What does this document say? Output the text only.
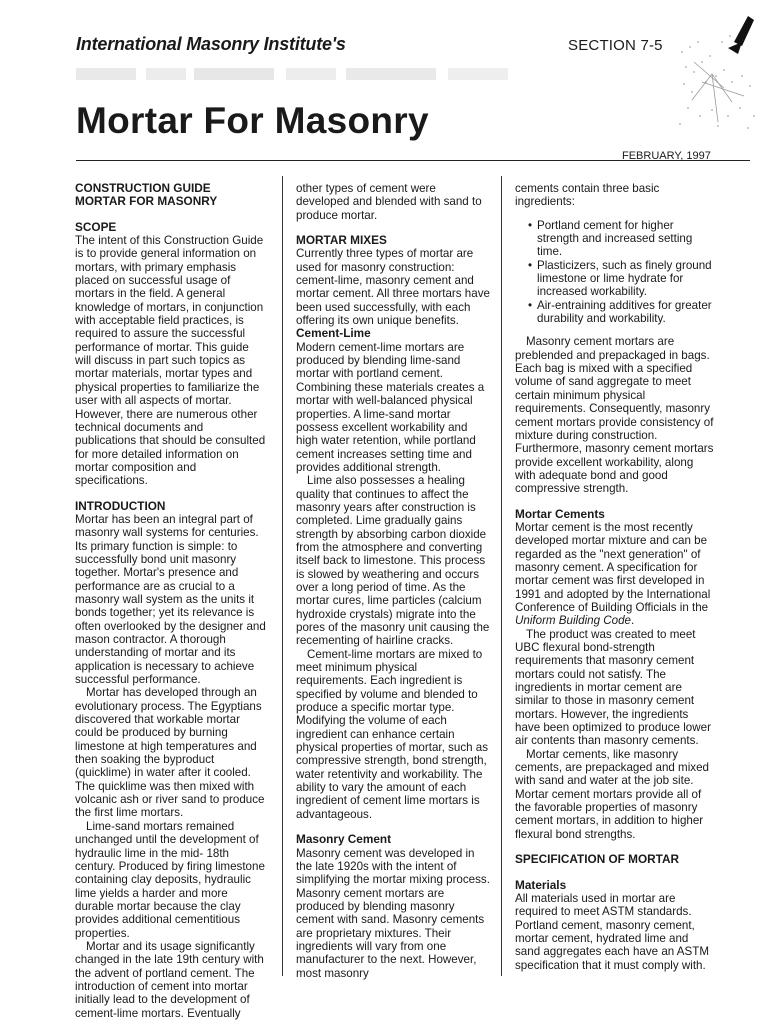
International Masonry Institute's	SECTION 7-5
Mortar For Masonry
FEBRUARY, 1997

CONSTRUCTION GUIDE

MORTAR FOR MASONRY

SCOPE

The intent of this Construction Guide is to provide general information on mortars, with primary emphasis placed on successful usage of mortars in the field. A general knowledge of mortars, in conjunction with acceptable field practices, is required to assure the successful performance of mortar. This guide will discuss in part such topics as mortar materials, mortar types and physical properties to familiarize the user with all aspects of mortar. However, there are numerous other technical documents and publications that should be consulted for more detailed information on mortar composition and specifications.

INTRODUCTION

Mortar has been an integral part of masonry wall systems for centuries. Its primary function is simple: to successfully bond unit masonry together. Mortar's presence and performance are as crucial to a masonry wall system as the units it bonds together; yet its relevance is often overlooked by the designer and mason contractor. A thorough understanding of mortar and its application is necessary to achieve successful performance.

Mortar has developed through an evolutionary process. The Egyptians discovered that workable mortar could be produced by burning limestone at high temperatures and then soaking the byproduct (quicklime) in water after it cooled. The quicklime was then mixed with volcanic ash or river sand to produce the first lime mortars.

Lime-sand mortars remained unchanged until the development of hydraulic lime in the mid- 18th century. Produced by firing limestone containing clay deposits, hydraulic lime yields a harder and more durable mortar because the clay provides additional cementitious properties.

Mortar and its usage significantly changed in the late 19th century with the advent of portland cement. The introduction of cement into mortar initially lead to the development of cement-lime mortars. Eventually

other types of cement were developed and blended with sand to produce mortar.

MORTAR MIXES

Currently three types of mortar are used for masonry construction: cement-lime, masonry cement and mortar cement. All three mortars have been used successfully, with each offering its own unique benefits.

Cement-Lime

Modern cement-lime mortars are produced by blending lime-sand mortar with portland cement. Combining these materials creates a mortar with well-balanced physical properties. A lime-sand mortar possess excellent workability and high water retention, while portland cement increases setting time and provides additional strength.

Lime also possesses a healing quality that continues to affect the masonry years after construction is completed. Lime gradually gains strength by absorbing carbon dioxide from the atmosphere and converting itself back to limestone. This process is slowed by weathering and occurs over a long period of time. As the mortar cures, lime particles (calcium hydroxide crystals) migrate into the pores of the masonry unit causing the recementing of hairline cracks.

Cement-lime mortars are mixed to meet minimum physical requirements. Each ingredient is specified by volume and blended to produce a specific mortar type. Modifying the volume of each ingredient can enhance certain physical properties of mortar, such as compressive strength, bond strength, water retentivity and workability. The ability to vary the amount of each ingredient of cement lime mortars is advantageous.

Masonry Cement

Masonry cement was developed in the late 1920s with the intent of simplifying the mortar mixing process. Masonry cement mortars are produced by blending masonry cement with sand. Masonry cements are proprietary mixtures. Their ingredients will vary from one manufacturer to the next. However, most masonry

cements contain three basic ingredients:

• Portland cement for higher strength and increased setting time.
• Plasticizers, such as finely ground limestone or lime hydrate for increased workability.
• Air-entraining additives for greater durability and workability.

Masonry cement mortars are preblended and prepackaged in bags. Each bag is mixed with a specified volume of sand aggregate to meet certain minimum physical requirements. Consequently, masonry cement mortars provide consistency of mixture during construction. Furthermore, masonry cement mortars provide excellent workability, along with adequate bond and good compressive strength.

Mortar Cements

Mortar cement is the most recently developed mortar mixture and can be regarded as the "next generation" of masonry cement. A specification for mortar cement was first developed in 1991 and adopted by the International Conference of Building Officials in the Uniform Building Code.

The product was created to meet UBC flexural bond-strength requirements that masonry cement mortars could not satisfy. The ingredients in mortar cement are similar to those in masonry cement mortars. However, the ingredients have been optimized to produce lower air contents than masonry cements.

Mortar cements, like masonry cements, are prepackaged and mixed with sand and water at the job site. Mortar cement mortars provide all of the favorable properties of masonry cement mortars, in addition to higher flexural bond strengths.

SPECIFICATION OF MORTAR

Materials

All materials used in mortar are required to meet ASTM standards. Portland cement, masonry cement, mortar cement, hydrated lime and sand aggregates each have an ASTM specification that it must comply with.
